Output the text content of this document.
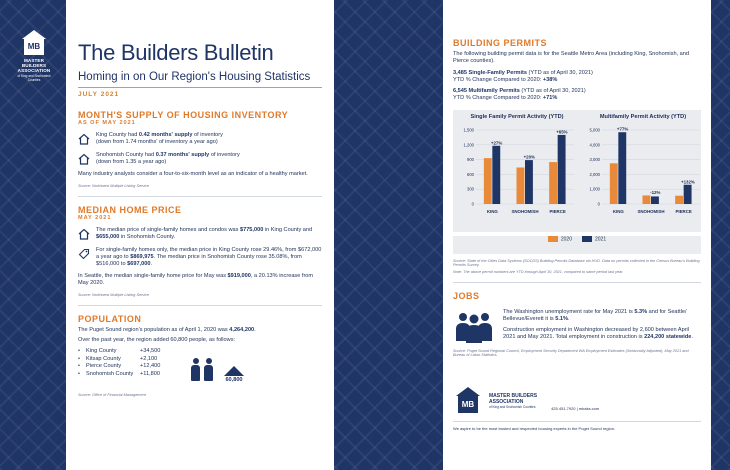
MB
MASTER BUILDERS
ASSOCIATION
of King and Snohomish Counties
The Builders Bulletin
Homing in on Our Region's Housing Statistics
JULY 2021
MONTH'S SUPPLY OF HOUSING INVENTORY
AS OF MAY 2021
King County had 0.42 months' supply of inventory
(down from 1.74 months' of inventory a year ago)
Snohomish County had 0.37 months' supply of inventory
(down from 1.35 a year ago)
Many industry analysts consider a four-to-six-month level as an indicator of a healthy market.
Source: Northwest Multiple Listing Service
MEDIAN HOME PRICE
MAY 2021
The median price of single-family homes and condos was $775,000 in King County and $655,000 in Snohomish County.
For single-family homes only, the median price in King County rose 29.46%, from $672,000 a year ago to $869,975. The median price in Snohomish County rose 35.08%, from $516,000 to $697,000.
In Seattle, the median single-family home price for May was $919,000, a 20.13% increase from May 2020.
Source: Northwest Multiple Listing Service
POPULATION
The Puget Sound region's population as of April 1, 2020 was 4,264,200.
Over the past year, the region added 60,800 people, as follows:
•	King County	+34,500
•	Kitsap County	+2,100
•	Pierce County	+12,400
•	Snohomish County	+11,800
60,800
Source: Office of Financial Management
BUILDING PERMITS
The following building permit data is for the Seattle Metro Area (including King, Snohomish, and Pierce counties).
3,485 Single-Family Permits (YTD as of April 30, 2021)
YTD % Change Compared to 2020: +38%
6,545 Multifamily Permits (YTD as of April 30, 2021)
YTD % Change Compared to 2020: +71%
Single Family Permit Activity (YTD)
0
300
600
900
1,200
1,500
+27%
KING
+20%
SNOHOMISH
+65%
PIERCE
Multifamily Permit Activity (YTD)
0
1,000
2,000
3,000
4,000
5,000	+77%
KING
-12%
SNOHOMISH
+132%
PIERCE
2020	2021
Source: State of the Cities Data Systems (SOCDS) Building Permits Database via HUD. Data on permits collected in the Census Bureau's Building Permits Survey.
Note: The above permit numbers are YTD through April 30, 2021, compared to same period last year.
JOBS
The Washington unemployment rate for May 2021 is 5.3% and for Seattle/ Bellevue/Everett it is 5.1%.
Construction employment in Washington decreased by 2,600 between April 2021 and May 2021. Total employment in construction is 224,200 statewide.
Source: Puget Sound Regional Council, Employment Security Department WA Employment Estimates (Seasonally Adjusted), May 2021 and Bureau of Labor Statistics.
MB
MASTER BUILDERS
ASSOCIATION
of King and Snohomish Counties	425.451.7920 | mbaks.com
We aspire to be the most trusted and respected housing experts in the Puget Sound region.
